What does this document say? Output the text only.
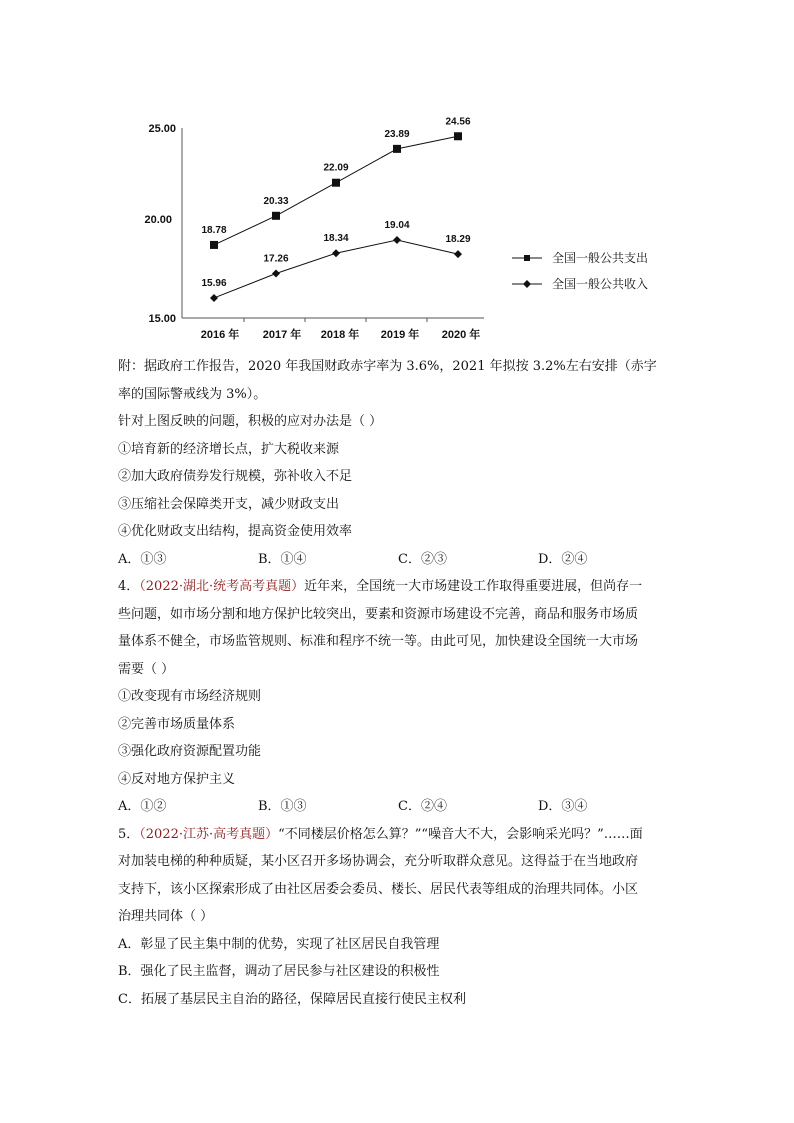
25.00
20.00
15.00
2016 年 2017 年 2018 年 2019 年 2020 年
18.78
20.33
22.09
23.89
24.56
15.96
17.26
18.34
19.04
18.29
全国一般公共支出
全国一般公共收入
附：据政府工作报告，2020 年我国财政赤字率为 3.6%，2021 年拟按 3.2%左右安排（赤字
率的国际警戒线为 3%）。
针对上图反映的问题，积极的应对办法是（ ）
①培育新的经济增长点，扩大税收来源
②加大政府债券发行规模，弥补收入不足
③压缩社会保障类开支，减少财政支出
④优化财政支出结构，提高资金使用效率
A．①③	B．①④	C．②③	D．②④
4．（2022·湖北·统考高考真题）近年来，全国统一大市场建设工作取得重要进展，但尚存一
些问题，如市场分割和地方保护比较突出，要素和资源市场建设不完善，商品和服务市场质
量体系不健全，市场监管规则、标准和程序不统一等。由此可见，加快建设全国统一大市场
需要（ ）
①改变现有市场经济规则
②完善市场质量体系
③强化政府资源配置功能
④反对地方保护主义
A．①②	B．①③	C．②④	D．③④
5．（2022·江苏·高考真题）“不同楼层价格怎么算？”“噪音大不大，会影响采光吗？”……面
对加装电梯的种种质疑，某小区召开多场协调会，充分听取群众意见。这得益于在当地政府
支持下，该小区探索形成了由社区居委会委员、楼长、居民代表等组成的治理共同体。小区
治理共同体（ ）
A．彰显了民主集中制的优势，实现了社区居民自我管理
B．强化了民主监督，调动了居民参与社区建设的积极性
C．拓展了基层民主自治的路径，保障居民直接行使民主权利
